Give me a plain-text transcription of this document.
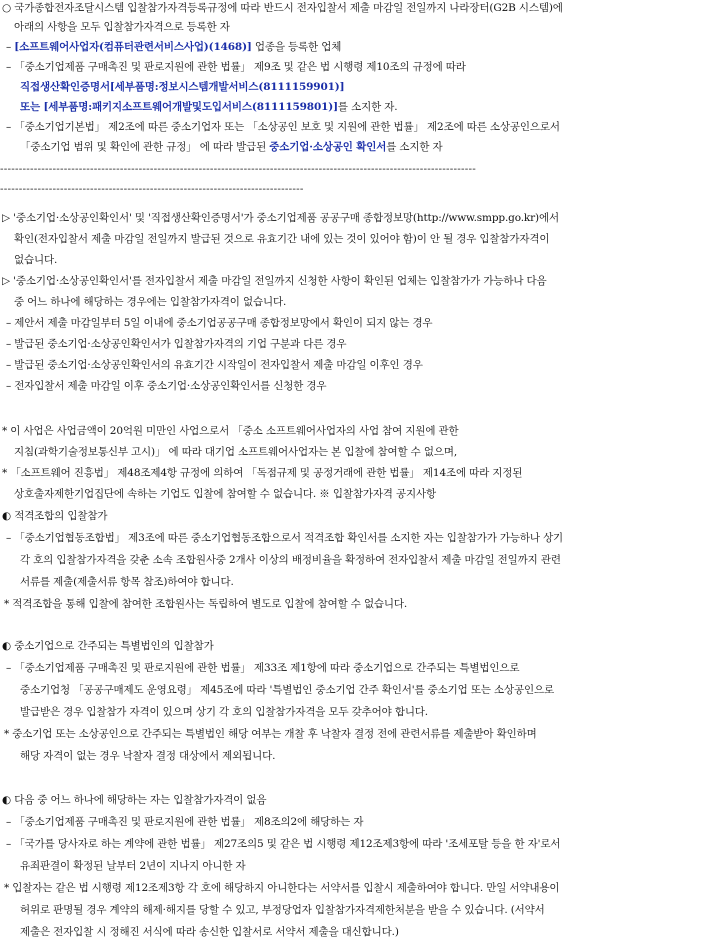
○ 국가종합전자조달시스템 입찰참가자격등록규정에 따라 반드시 전자입찰서 제출 마감일 전일까지 나라장터(G2B 시스템)에
아래의 사항을 모두 입찰참가자격으로 등록한 자
– [소프트웨어사업자(컴퓨터관련서비스사업)(1468)] 업종을 등록한 업체
– 「중소기업제품 구매촉진 및 판로지원에 관한 법률」 제9조 및 같은 법 시행령 제10조의 규정에 따라
직접생산확인증명서[세부품명:정보시스템개발서비스(8111159901)]
또는 [세부품명:패키지소프트웨어개발및도입서비스(8111159801)]를 소지한 자.
– 「중소기업기본법」 제2조에 따른 중소기업자 또는 「소상공인 보호 및 지원에 관한 법률」 제2조에 따른 소상공인으로서
「중소기업 범위 및 확인에 관한 규정」 에 따라 발급된 중소기업·소상공인 확인서를 소지한 자
-------------------------------------------------------------------------------------------------------------------------------
---------------------------------------------------------------------------------
▷ '중소기업·소상공인확인서' 및 '직접생산확인증명서'가 중소기업제품 공공구매 종합정보망(http://www.smpp.go.kr)에서
확인(전자입찰서 제출 마감일 전일까지 발급된 것으로 유효기간 내에 있는 것이 있어야 함)이 안 될 경우 입찰참가자격이
없습니다.
▷ '중소기업·소상공인확인서'를 전자입찰서 제출 마감일 전일까지 신청한 사항이 확인된 업체는 입찰참가가 가능하나 다음
중 어느 하나에 해당하는 경우에는 입찰참가자격이 없습니다.
– 제안서 제출 마감일부터 5일 이내에 중소기업공공구매 종합정보망에서 확인이 되지 않는 경우
– 발급된 중소기업·소상공인확인서가 입찰참가자격의 기업 구분과 다른 경우
– 발급된 중소기업·소상공인확인서의 유효기간 시작일이 전자입찰서 제출 마감일 이후인 경우
– 전자입찰서 제출 마감일 이후 중소기업·소상공인확인서를 신청한 경우
* 이 사업은 사업금액이 20억원 미만인 사업으로서 「중소 소프트웨어사업자의 사업 참여 지원에 관한
지침(과학기술정보통신부 고시)」 에 따라 대기업 소프트웨어사업자는 본 입찰에 참여할 수 없으며,
* 「소프트웨어 진흥법」 제48조제4항 규정에 의하여 「독점규제 및 공정거래에 관한 법률」 제14조에 따라 지정된
상호출자제한기업집단에 속하는 기업도 입찰에 참여할 수 없습니다. ※ 입찰참가자격 공지사항
◐ 적격조합의 입찰참가
– 「중소기업협동조합법」 제3조에 따른 중소기업협동조합으로서 적격조합 확인서를 소지한 자는 입찰참가가 가능하나 상기
각 호의 입찰참가자격을 갖춘 소속 조합원사중 2개사 이상의 배정비율을 확정하여 전자입찰서 제출 마감일 전일까지 관련
서류를 제출(제출서류 항목 참조)하여야 합니다.
* 적격조합을 통해 입찰에 참여한 조합원사는 독립하여 별도로 입찰에 참여할 수 없습니다.
◐ 중소기업으로 간주되는 특별법인의 입찰참가
– 「중소기업제품 구매촉진 및 판로지원에 관한 법률」 제33조 제1항에 따라 중소기업으로 간주되는 특별법인으로
중소기업청 「공공구매제도 운영요령」 제45조에 따라 '특별법인 중소기업 간주 확인서'를 중소기업 또는 소상공인으로
발급받은 경우 입찰참가 자격이 있으며 상기 각 호의 입찰참가자격을 모두 갖추어야 합니다.
* 중소기업 또는 소상공인으로 간주되는 특별법인 해당 여부는 개찰 후 낙찰자 결정 전에 관련서류를 제출받아 확인하며
해당 자격이 없는 경우 낙찰자 결정 대상에서 제외됩니다.
◐ 다음 중 어느 하나에 해당하는 자는 입찰참가자격이 없음
– 「중소기업제품 구매촉진 및 판로지원에 관한 법률」 제8조의2에 해당하는 자
– 「국가를 당사자로 하는 계약에 관한 법률」 제27조의5 및 같은 법 시행령 제12조제3항에 따라 '조세포탈 등을 한 자'로서
유죄판결이 확정된 날부터 2년이 지나지 아니한 자
* 입찰자는 같은 법 시행령 제12조제3항 각 호에 해당하지 아니한다는 서약서를 입찰시 제출하여야 합니다. 만일 서약내용이
허위로 판명될 경우 계약의 해제·해지를 당할 수 있고, 부정당업자 입찰참가자격제한처분을 받을 수 있습니다. (서약서
제출은 전자입찰 시 정해진 서식에 따라 송신한 입찰서로 서약서 제출을 대신합니다.)
